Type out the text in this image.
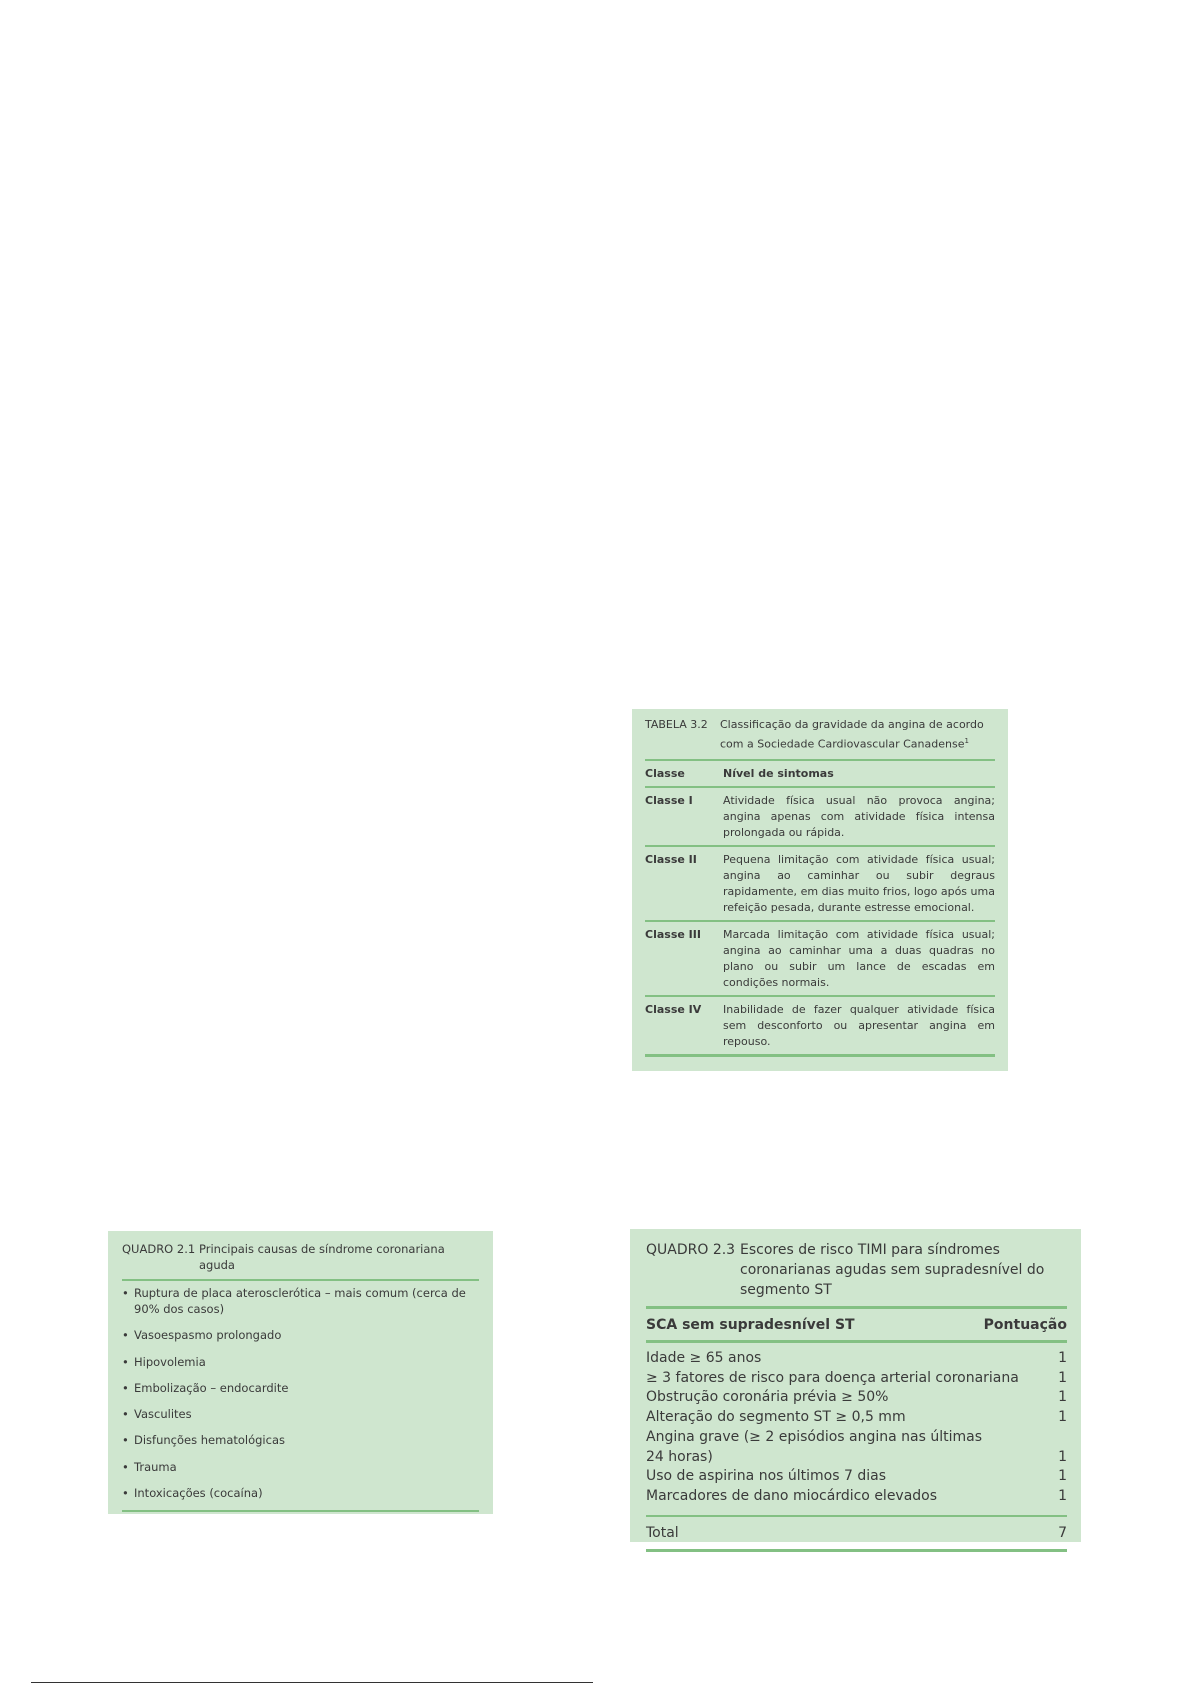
TABELA 3.2	Classificação da gravidade da angina de acordo com a Sociedade Cardiovascular Canadense$^1$
Classe	Nível de sintomas
Classe I	Atividade física usual não provoca angina; angina apenas com atividade física intensa prolongada ou rápida.
Classe II	Pequena limitação com atividade física usual; angina ao caminhar ou subir degraus rapidamente, em dias muito frios, logo após uma refeição pesada, durante estresse emocional.
Classe III	Marcada limitação com atividade física usual; angina ao caminhar uma a duas quadras no plano ou subir um lance de escadas em condições normais.
Classe IV	Inabilidade de fazer qualquer atividade física sem desconforto ou apresentar angina em repouso.
QUADRO 2.1 Principais causas de síndrome coronariana aguda
• Ruptura de placa aterosclerótica – mais comum (cerca de 90% dos casos)
• Vasoespasmo prolongado
• Hipovolemia
• Embolização – endocardite
• Vasculites
• Disfunções hematológicas
• Trauma
• Intoxicações (cocaína)
QUADRO 2.3 Escores de risco TIMI para síndromes coronarianas agudas sem supradesnível do segmento ST
SCA sem supradesnível ST	Pontuação
Idade ≥ 65 anos	1
≥ 3 fatores de risco para doença arterial coronariana	1
Obstrução coronária prévia ≥ 50%	1
Alteração do segmento ST ≥ 0,5 mm	1
Angina grave (≥ 2 episódios angina nas últimas
24 horas)	1
Uso de aspirina nos últimos 7 dias	1
Marcadores de dano miocárdico elevados	1
Total	7
